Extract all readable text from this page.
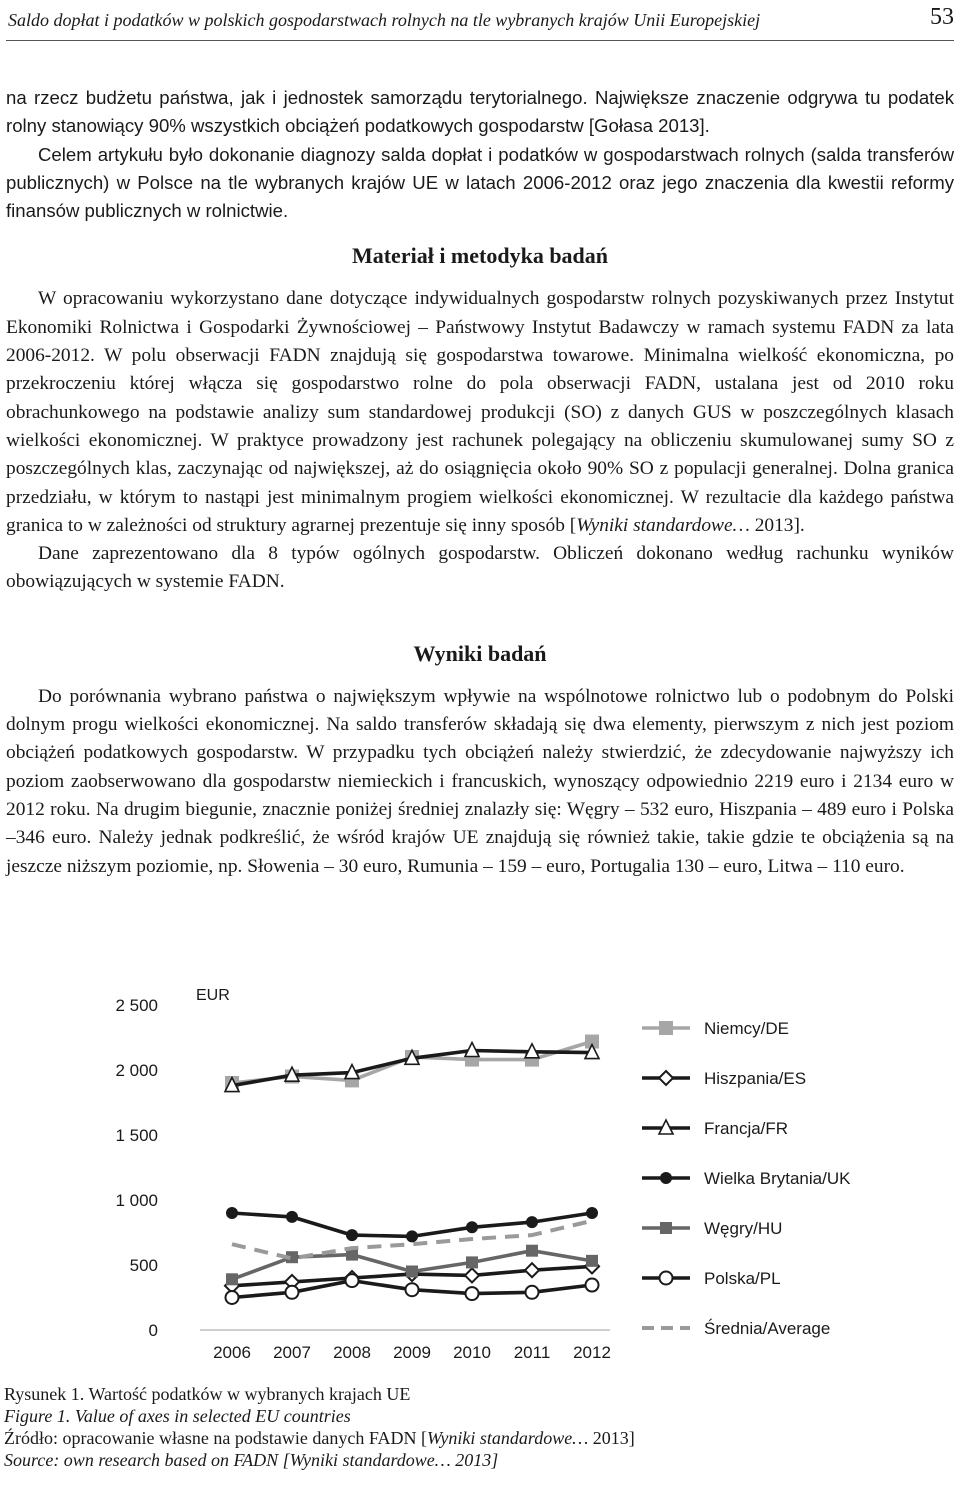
Saldo dopłat i podatków w polskich gospodarstwach rolnych na tle wybranych krajów Unii Europejskiej	53

na rzecz budżetu państwa, jak i jednostek samorządu terytorialnego. Największe znaczenie odgrywa tu podatek rolny stanowiący 90% wszystkich obciążeń podatkowych gospodarstw [Gołasa 2013].

Celem artykułu było dokonanie diagnozy salda dopłat i podatków w gospodarstwach rolnych (salda transferów publicznych) w Polsce na tle wybranych krajów UE w latach 2006-2012 oraz jego znaczenia dla kwestii reformy finansów publicznych w rolnictwie.

Materiał i metodyka badań

W opracowaniu wykorzystano dane dotyczące indywidualnych gospodarstw rolnych pozyskiwanych przez Instytut Ekonomiki Rolnictwa i Gospodarki Żywnościowej – Państwowy Instytut Badawczy w ramach systemu FADN za lata 2006-2012. W polu obserwacji FADN znajdują się gospodarstwa towarowe. Minimalna wielkość ekonomiczna, po przekroczeniu której włącza się gospodarstwo rolne do pola obserwacji FADN, ustalana jest od 2010 roku obrachunkowego na podstawie analizy sum standardowej produkcji (SO) z danych GUS w poszczególnych klasach wielkości ekonomicznej. W praktyce prowadzony jest rachunek polegający na obliczeniu skumulowanej sumy SO z poszczególnych klas, zaczynając od największej, aż do osiągnięcia około 90% SO z populacji generalnej. Dolna granica przedziału, w którym to nastąpi jest minimalnym progiem wielkości ekonomicznej. W rezultacie dla każdego państwa granica to w zależności od struktury agrarnej prezentuje się inny sposób [Wyniki standardowe… 2013].

Dane zaprezentowano dla 8 typów ogólnych gospodarstw. Obliczeń dokonano według rachunku wyników obowiązujących w systemie FADN.

Wyniki badań

Do porównania wybrano państwa o największym wpływie na wspólnotowe rolnictwo lub o podobnym do Polski dolnym progu wielkości ekonomicznej. Na saldo transferów składają się dwa elementy, pierwszym z nich jest poziom obciążeń podatkowych gospodarstw. W przypadku tych obciążeń należy stwierdzić, że zdecydowanie najwyższy ich poziom zaobserwowano dla gospodarstw niemieckich i francuskich, wynoszący odpowiednio 2219 euro i 2134 euro w 2012 roku. Na drugim biegunie, znacznie poniżej średniej znalazły się: Węgry – 532 euro, Hiszpania – 489 euro i Polska –346 euro. Należy jednak podkreślić, że wśród krajów UE znajdują się również takie, takie gdzie te obciążenia są na jeszcze niższym poziomie, np. Słowenia – 30 euro, Rumunia – 159 – euro, Portugalia 130 – euro, Litwa – 110 euro.

0
500
1 000
1 500
2 000
2 500
2006 2007 2008 2009 2010 2011 2012
EUR
Niemcy/DE
Hiszpania/ES
Francja/FR
Wielka Brytania/UK
Węgry/HU
Polska/PL
Średnia/Average
Rysunek 1. Wartość podatków w wybranych krajach UE
Figure 1. Value of axes in selected EU countries
Źródło: opracowanie własne na podstawie danych FADN [Wyniki standardowe… 2013]
Source: own research based on FADN [Wyniki standardowe… 2013]
